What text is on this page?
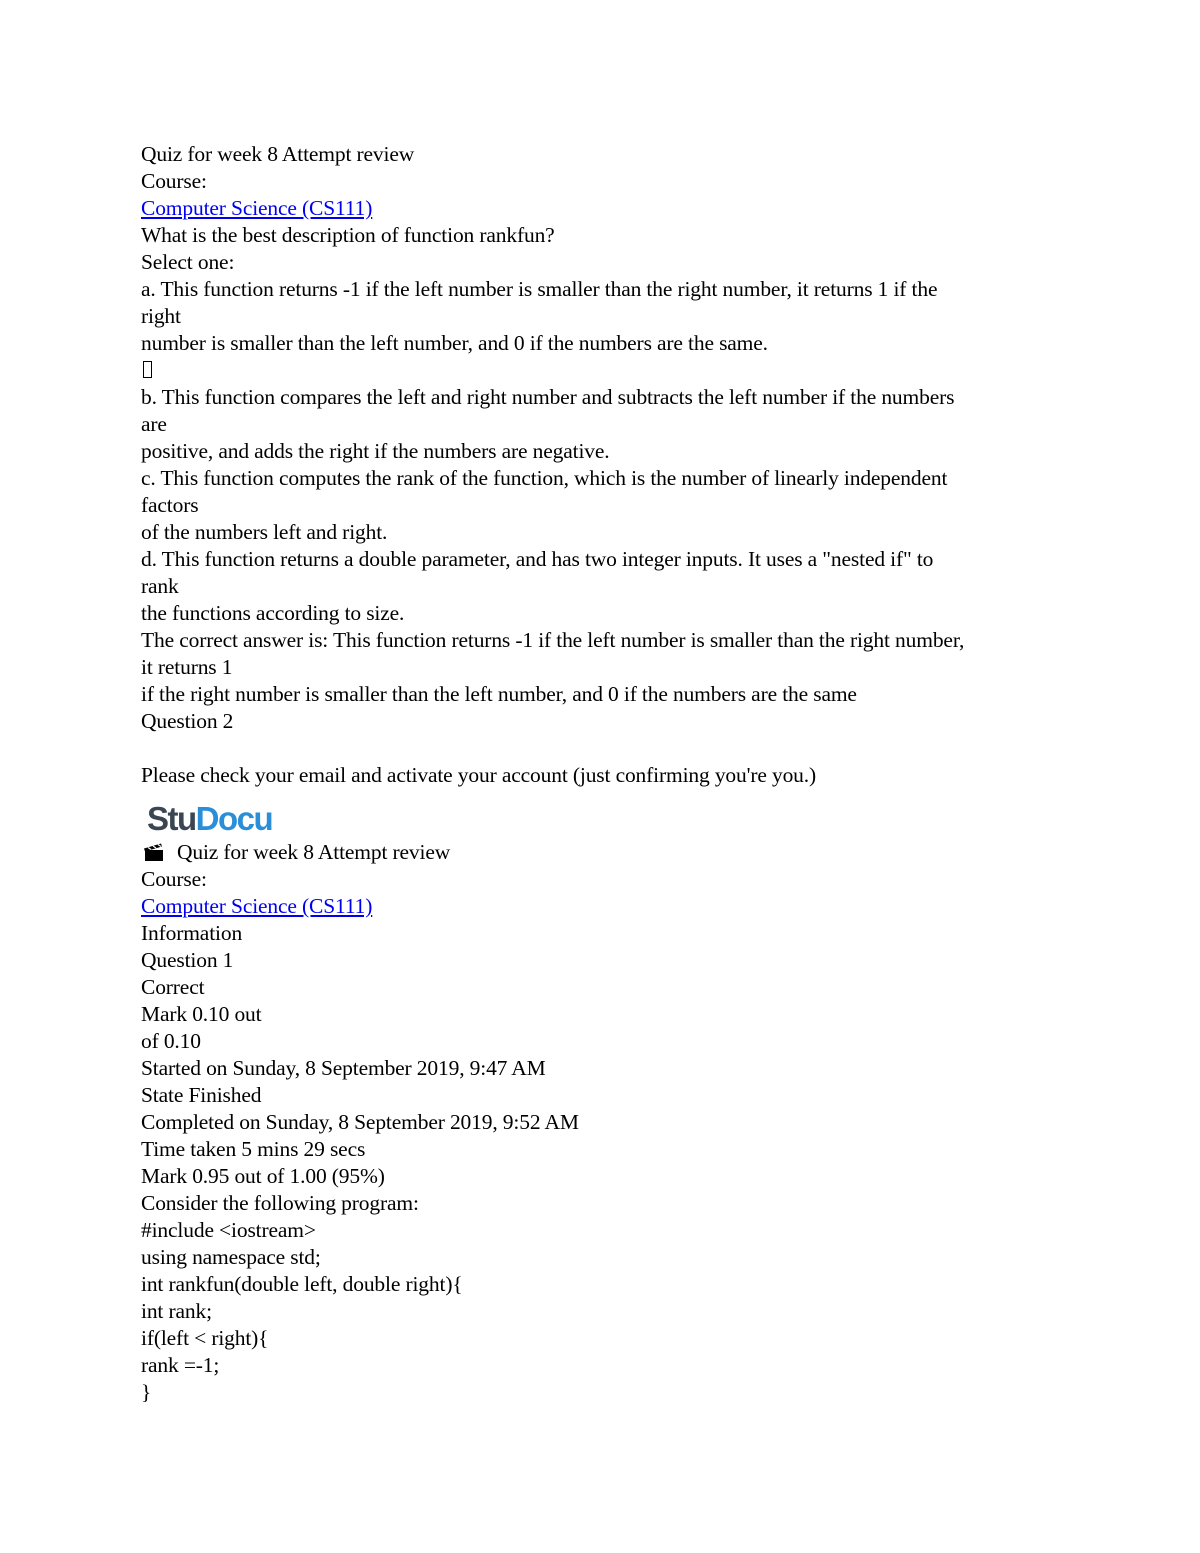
Quiz for week 8 Attempt review

Course:

Computer Science (CS111)

What is the best description of function rankfun?

Select one:

a. This function returns -1 if the left number is smaller than the right number, it returns 1 if the

right

number is smaller than the left number, and 0 if the numbers are the same.

b. This function compares the left and right number and subtracts the left number if the numbers

are

positive, and adds the right if the numbers are negative.

c. This function computes the rank of the function, which is the number of linearly independent

factors

of the numbers left and right.

d. This function returns a double parameter, and has two integer inputs. It uses a "nested if" to

rank

the functions according to size.

The correct answer is: This function returns -1 if the left number is smaller than the right number,

it returns 1

if the right number is smaller than the left number, and 0 if the numbers are the same

Question 2

Please check your email and activate your account (just confirming you're you.)

Stu Docu

Quiz for week 8 Attempt review

Course:

Computer Science (CS111)

Information

Question 1

Correct

Mark 0.10 out

of 0.10

Started on Sunday, 8 September 2019, 9:47 AM

State Finished

Completed on Sunday, 8 September 2019, 9:52 AM

Time taken 5 mins 29 secs

Mark 0.95 out of 1.00 (95%)

Consider the following program:

#include <iostream>

using namespace std;

int rankfun(double left, double right){

int rank;

if(left < right){

rank =-1;

}
